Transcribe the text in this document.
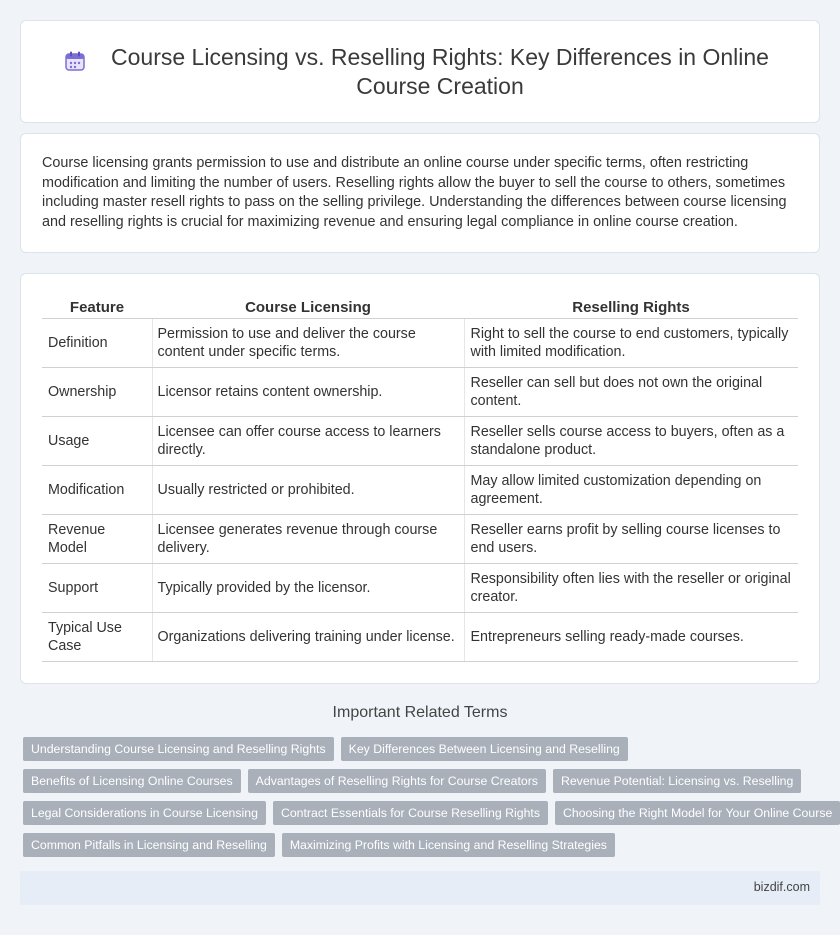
Course Licensing vs. Reselling Rights: Key Differences in Online Course Creation

Course licensing grants permission to use and distribute an online course under specific terms, often restricting modification and limiting the number of users. Reselling rights allow the buyer to sell the course to others, sometimes including master resell rights to pass on the selling privilege. Understanding the differences between course licensing and reselling rights is crucial for maximizing revenue and ensuring legal compliance in online course creation.

Feature	Course Licensing	Reselling Rights
Definition	Permission to use and deliver the course content under specific terms.	Right to sell the course to end customers, typically with limited modification.
Ownership	Licensor retains content ownership.	Reseller can sell but does not own the original content.
Usage	Licensee can offer course access to learners directly.	Reseller sells course access to buyers, often as a standalone product.
Modification	Usually restricted or prohibited.	May allow limited customization depending on agreement.
Revenue Model	Licensee generates revenue through course delivery.	Reseller earns profit by selling course licenses to end users.
Support	Typically provided by the licensor.	Responsibility often lies with the reseller or original creator.
Typical Use Case	Organizations delivering training under license.	Entrepreneurs selling ready-made courses.
Important Related Terms
Understanding Course Licensing and Reselling Rights	Key Differences Between Licensing and Reselling
Benefits of Licensing Online Courses	Advantages of Reselling Rights for Course Creators	Revenue Potential: Licensing vs. Reselling
Legal Considerations in Course Licensing	Contract Essentials for Course Reselling Rights	Choosing the Right Model for Your Online Course
Common Pitfalls in Licensing and Reselling	Maximizing Profits with Licensing and Reselling Strategies
bizdif.com
